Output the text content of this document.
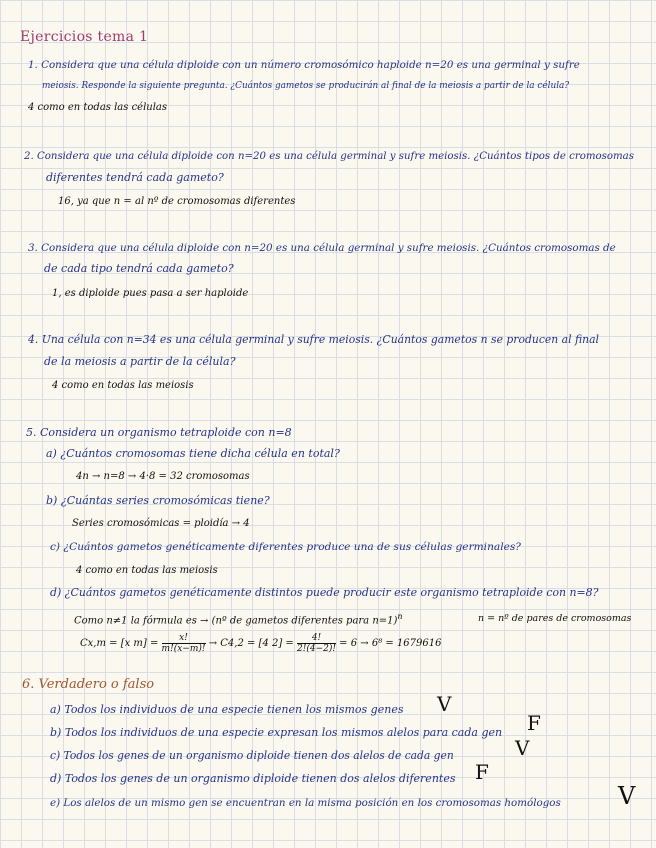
Ejercicios tema 1
1. Considera que una célula diploide con un número cromosómico haploide n=20 es una germinal y sufre
meiosis. Responde la siguiente pregunta. ¿Cuántos gametos se producirán al final de la meiosis a partir de la célula?
4 como en todas las células
2. Considera que una célula diploide con n=20 es una célula germinal y sufre meiosis. ¿Cuántos tipos de cromosomas
diferentes tendrá cada gameto?
16, ya que n = al nº de cromosomas diferentes
3. Considera que una célula diploide con n=20 es una célula germinal y sufre meiosis. ¿Cuántos cromosomas de
de cada tipo tendrá cada gameto?
1, es diploide pues pasa a ser haploide
4. Una célula con n=34 es una célula germinal y sufre meiosis. ¿Cuántos gametos n se producen al final
de la meiosis a partir de la célula?
4 como en todas las meiosis
5. Considera un organismo tetraploide con n=8
a) ¿Cuántos cromosomas tiene dicha célula en total?
4n → n=8 → 4·8 = 32 cromosomas
b) ¿Cuántas series cromosómicas tiene?
Series cromosómicas = ploidía → 4
c) ¿Cuántos gametos genéticamente diferentes produce una de sus células germinales?
4 como en todas las meiosis
d) ¿Cuántos gametos genéticamente distintos puede producir este organismo tetraploide con n=8?
Como n≠1 la fórmula es → (nº de gametos diferentes para n=1)$^n$	n = nº de pares de cromosomas
Cx,m = [x $m] = \frac{x!}{m!(x-m)!} \to C4,2 = [4$ $2] = \frac{4!}{2!(4-2)!} = 6 \to 6^8 = 1679616$
6. Verdadero o falso
a) Todos los individuos de una especie tienen los mismos genes V
b) Todos los individuos de una especie expresan los mismos alelos para cada gen F
c) Todos los genes de un organismo diploide tienen dos alelos de cada gen	V
d) Todos los genes de un organismo diploide tienen dos alelos diferentes F
e) Los alelos de un mismo gen se encuentran en la misma posición en los cromosomas homólogos V
